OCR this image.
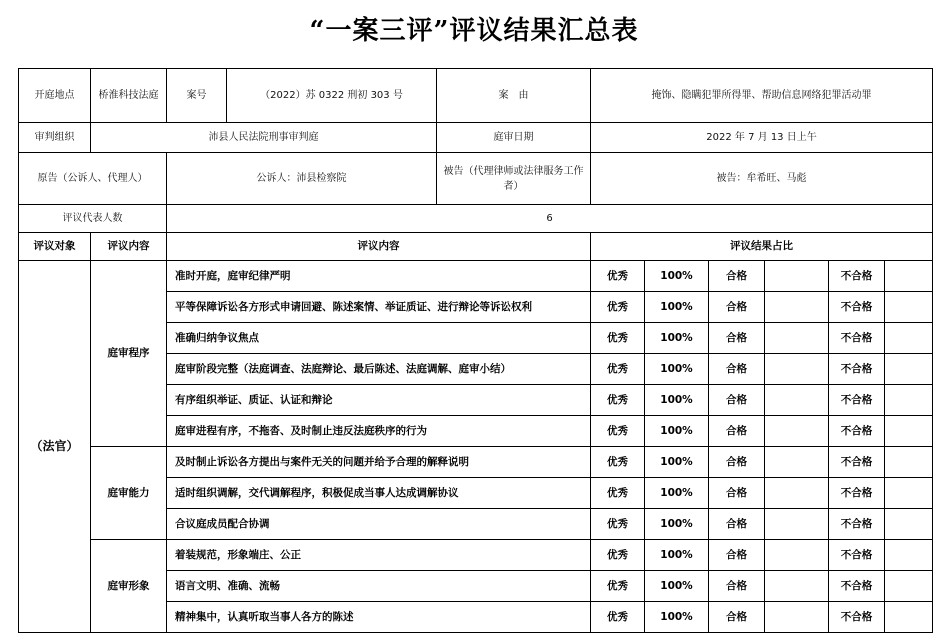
“一案三评”评议结果汇总表
开庭地点	桥淮科技法庭	案号	（2022）苏 0322 刑初 303 号	案　由	掩饰、隐瞒犯罪所得罪、帮助信息网络犯罪活动罪					
审判组织	沛县人民法院刑事审判庭			庭审日期	2022 年 7 月 13 日上午					
原告（公诉人、代理人）		公诉人：沛县检察院		被告（代理律师或法律服务工作者）	被告：牟希旺、马彪					
评议代表人数		6								
评议对象	评议内容	评议内容			评议结果占比					
（法官）	庭审程序	准时开庭，庭审纪律严明			优秀	100%	合格		不合格	
		平等保障诉讼各方形式申请回避、陈述案情、举证质证、进行辩论等诉讼权利			优秀	100%	合格		不合格	
		准确归纳争议焦点			优秀	100%	合格		不合格	
		庭审阶段完整（法庭调查、法庭辩论、最后陈述、法庭调解、庭审小结）			优秀	100%	合格		不合格	
		有序组织举证、质证、认证和辩论			优秀	100%	合格		不合格	
		庭审进程有序，不拖沓、及时制止违反法庭秩序的行为			优秀	100%	合格		不合格	
	庭审能力	及时制止诉讼各方提出与案件无关的问题并给予合理的解释说明			优秀	100%	合格		不合格	
		适时组织调解，交代调解程序，积极促成当事人达成调解协议			优秀	100%	合格		不合格	
		合议庭成员配合协调			优秀	100%	合格		不合格	
	庭审形象	着装规范，形象端庄、公正			优秀	100%	合格		不合格	
		语言文明、准确、流畅			优秀	100%	合格		不合格	
		精神集中，认真听取当事人各方的陈述			优秀	100%	合格		不合格	
